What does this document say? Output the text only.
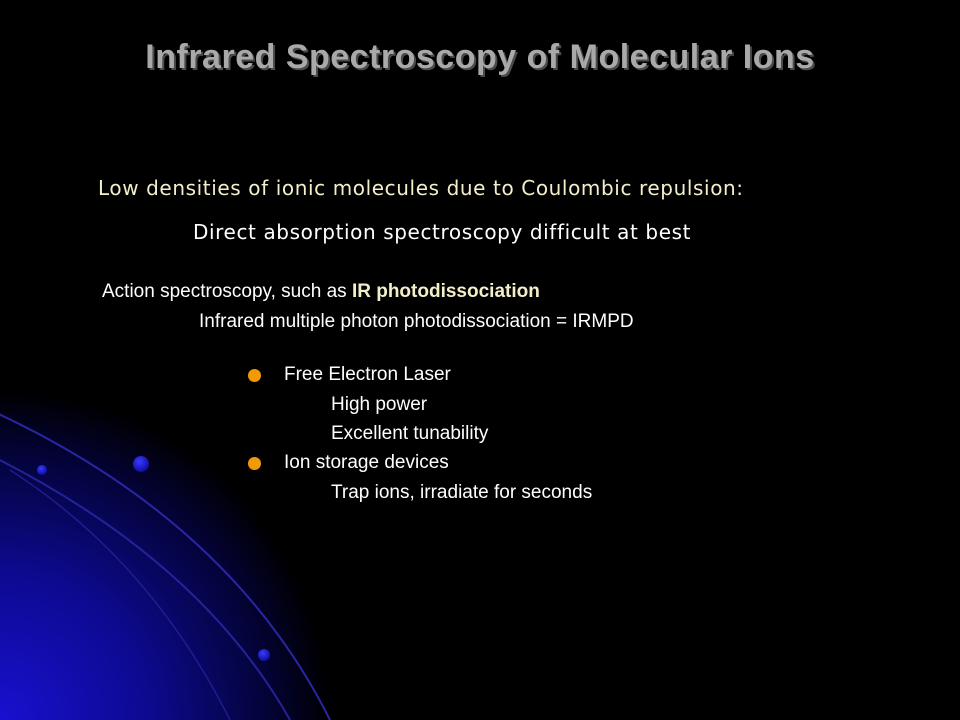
Infrared Spectroscopy of Molecular Ions
Low densities of ionic molecules due to Coulombic repulsion:
Direct absorption spectroscopy difficult at best
Action spectroscopy, such as IR photodissociation
Infrared multiple photon photodissociation = IRMPD
Free Electron Laser
High power
Excellent tunability
Ion storage devices
Trap ions, irradiate for seconds
